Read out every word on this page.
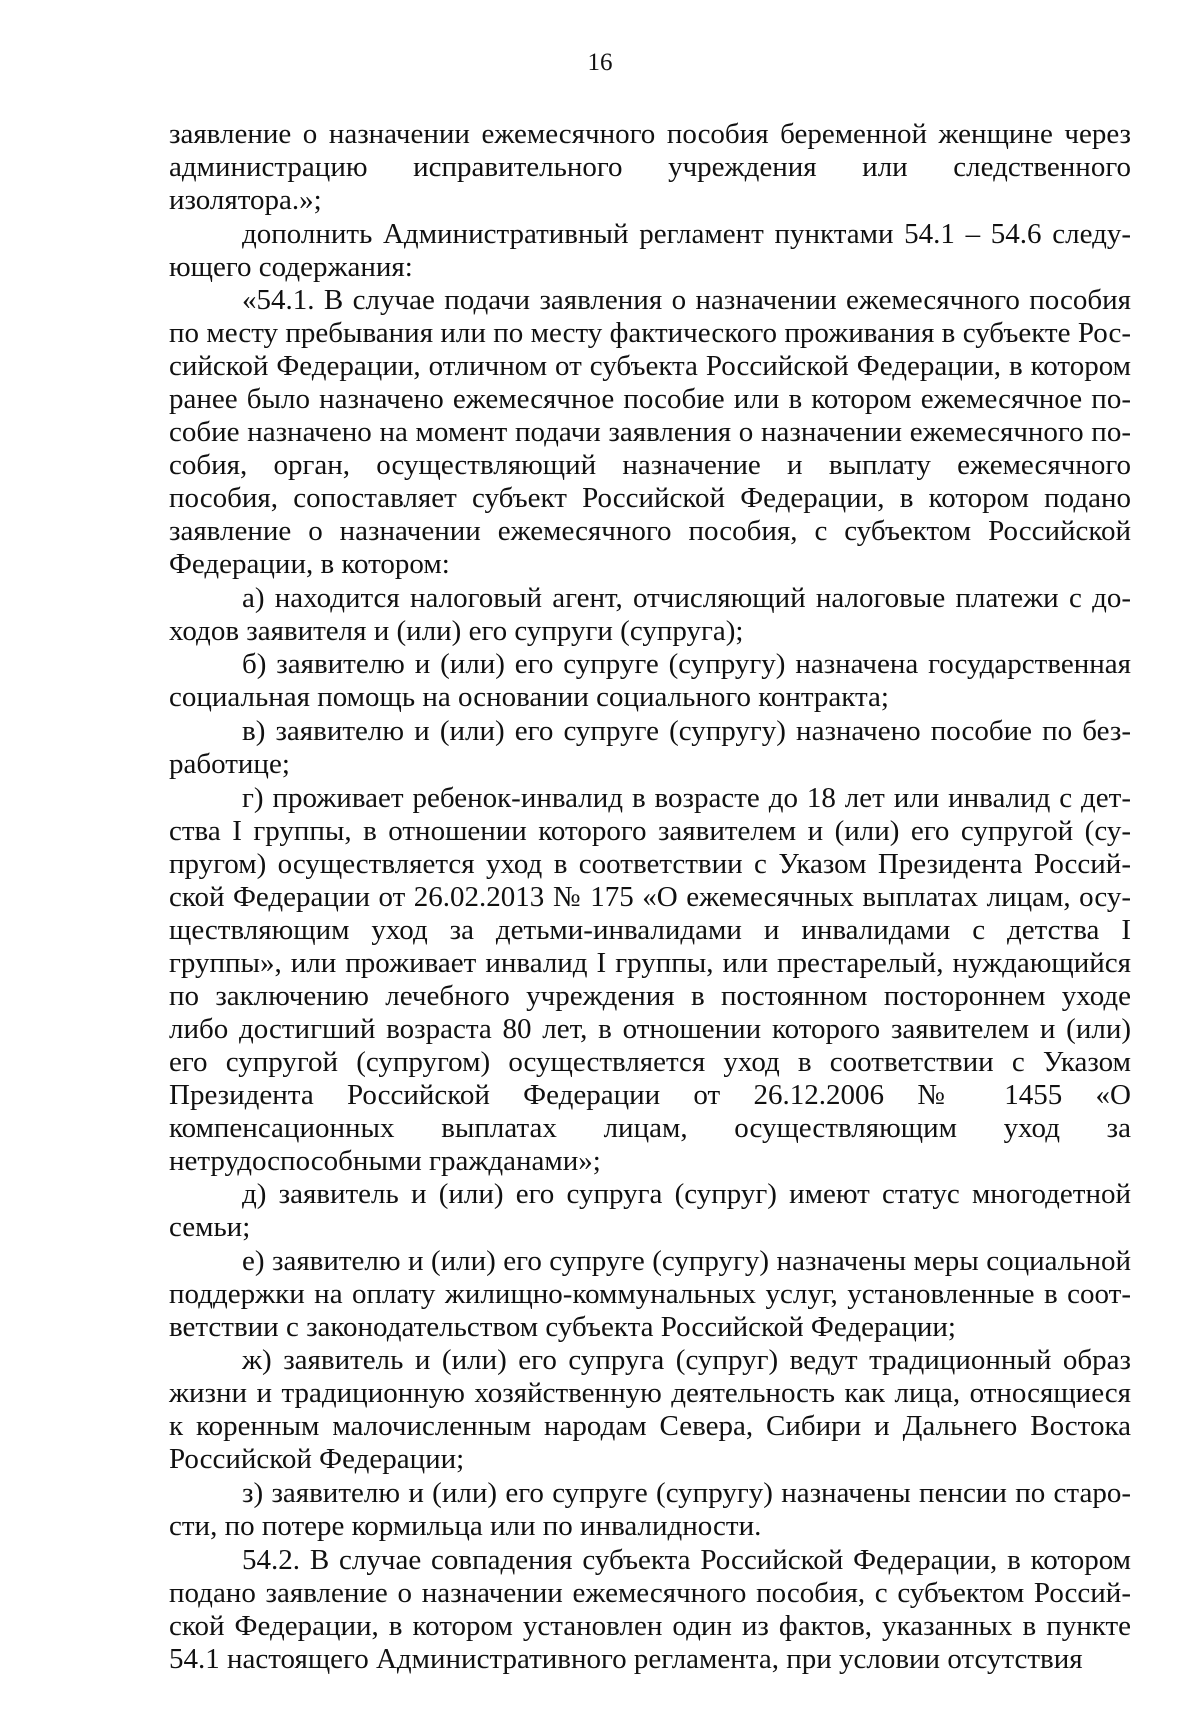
16

заявление о назначении ежемесячного пособия беременной женщине через администрацию исправительного учреждения или следственного изолятора.»;

дополнить Административный регламент пунктами 54.1 – 54.6 следующего содержания:

«54.1. В случае подачи заявления о назначении ежемесячного пособия по месту пребывания или по месту фактического проживания в субъекте Российской Федерации, отличном от субъекта Российской Федерации, в котором ранее было назначено ежемесячное пособие или в котором ежемесячное пособие назначено на момент подачи заявления о назначении ежемесячного пособия, орган, осуществляющий назначение и выплату ежемесячного пособия, сопоставляет субъект Российской Федерации, в котором подано заявление о назначении ежемесячного пособия, с субъектом Российской Федерации, в котором:

а) находится налоговый агент, отчисляющий налоговые платежи с доходов заявителя и (или) его супруги (супруга);

б) заявителю и (или) его супруге (супругу) назначена государственная социальная помощь на основании социального контракта;

в) заявителю и (или) его супруге (супругу) назначено пособие по безработице;

г) проживает ребенок-инвалид в возрасте до 18 лет или инвалид с детства I группы, в отношении которого заявителем и (или) его супругой (супругом) осуществляется уход в соответствии с Указом Президента Российской Федерации от 26.02.2013 № 175 «О ежемесячных выплатах лицам, осуществляющим уход за детьми-инвалидами и инвалидами с детства I группы», или проживает инвалид I группы, или престарелый, нуждающийся по заключению лечебного учреждения в постоянном постороннем уходе либо достигший возраста 80 лет, в отношении которого заявителем и (или) его супругой (супругом) осуществляется уход в соответствии с Указом Президента Российской Федерации от 26.12.2006 № 1455 «О компенсационных выплатах лицам, осуществляющим уход за нетрудоспособными гражданами»;

д) заявитель и (или) его супруга (супруг) имеют статус многодетной семьи;

е) заявителю и (или) его супруге (супругу) назначены меры социальной поддержки на оплату жилищно-коммунальных услуг, установленные в соответствии с законодательством субъекта Российской Федерации;

ж) заявитель и (или) его супруга (супруг) ведут традиционный образ жизни и традиционную хозяйственную деятельность как лица, относящиеся к коренным малочисленным народам Севера, Сибири и Дальнего Востока Российской Федерации;

з) заявителю и (или) его супруге (супругу) назначены пенсии по старости, по потере кормильца или по инвалидности.

54.2. В случае совпадения субъекта Российской Федерации, в котором подано заявление о назначении ежемесячного пособия, с субъектом Российской Федерации, в котором установлен один из фактов, указанных в пункте 54.1 настоящего Административного регламента, при условии отсутствия
